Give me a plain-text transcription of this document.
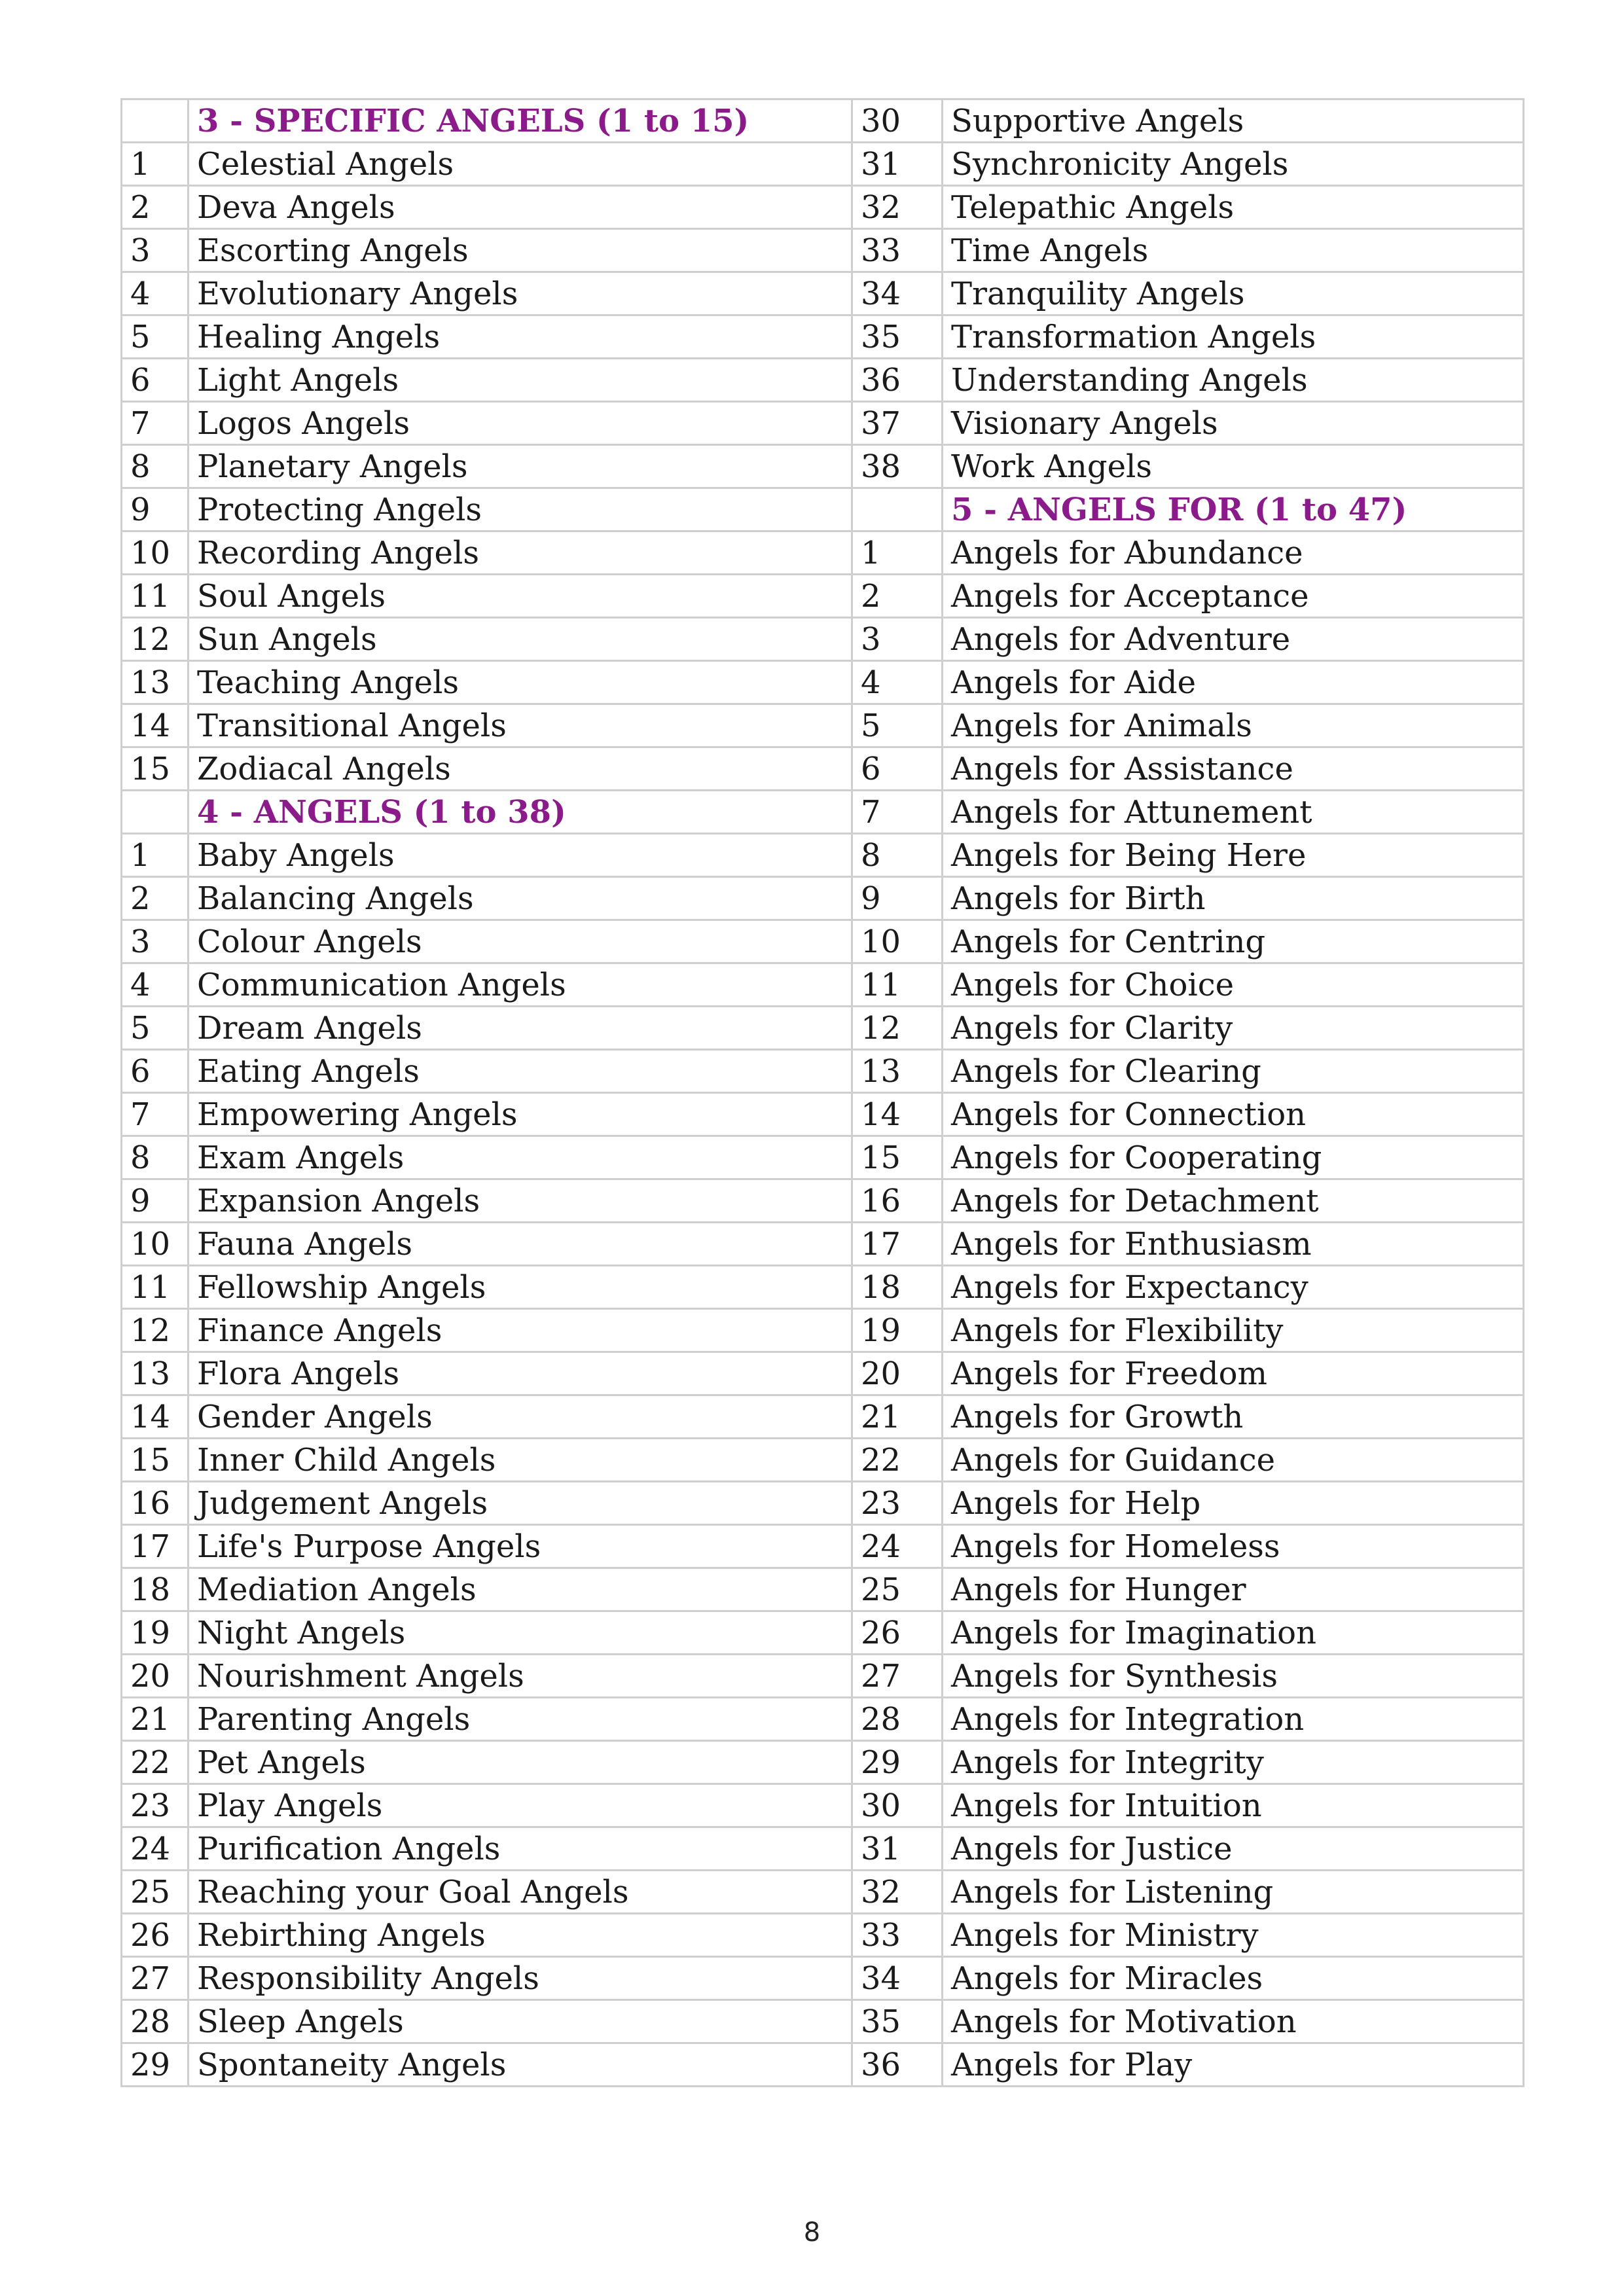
	3 - SPECIFIC ANGELS (1 to 15)	30	Supportive Angels
1	Celestial Angels	31	Synchronicity Angels
2	Deva Angels	32	Telepathic Angels
3	Escorting Angels	33	Time Angels
4	Evolutionary Angels	34	Tranquility Angels
5	Healing Angels	35	Transformation Angels
6	Light Angels	36	Understanding Angels
7	Logos Angels	37	Visionary Angels
8	Planetary Angels	38	Work Angels
9	Protecting Angels		5 - ANGELS FOR (1 to 47)
10	Recording Angels	1	Angels for Abundance
11	Soul Angels	2	Angels for Acceptance
12	Sun Angels	3	Angels for Adventure
13	Teaching Angels	4	Angels for Aide
14	Transitional Angels	5	Angels for Animals
15	Zodiacal Angels	6	Angels for Assistance
	4 - ANGELS (1 to 38)	7	Angels for Attunement
1	Baby Angels	8	Angels for Being Here
2	Balancing Angels	9	Angels for Birth
3	Colour Angels	10	Angels for Centring
4	Communication Angels	11	Angels for Choice
5	Dream Angels	12	Angels for Clarity
6	Eating Angels	13	Angels for Clearing
7	Empowering Angels	14	Angels for Connection
8	Exam Angels	15	Angels for Cooperating
9	Expansion Angels	16	Angels for Detachment
10	Fauna Angels	17	Angels for Enthusiasm
11	Fellowship Angels	18	Angels for Expectancy
12	Finance Angels	19	Angels for Flexibility
13	Flora Angels	20	Angels for Freedom
14	Gender Angels	21	Angels for Growth
15	Inner Child Angels	22	Angels for Guidance
16	Judgement Angels	23	Angels for Help
17	Life's Purpose Angels	24	Angels for Homeless
18	Mediation Angels	25	Angels for Hunger
19	Night Angels	26	Angels for Imagination
20	Nourishment Angels	27	Angels for Synthesis
21	Parenting Angels	28	Angels for Integration
22	Pet Angels	29	Angels for Integrity
23	Play Angels	30	Angels for Intuition
24	Purification Angels	31	Angels for Justice
25	Reaching your Goal Angels	32	Angels for Listening
26	Rebirthing Angels	33	Angels for Ministry
27	Responsibility Angels	34	Angels for Miracles
28	Sleep Angels	35	Angels for Motivation
29	Spontaneity Angels	36	Angels for Play
8
